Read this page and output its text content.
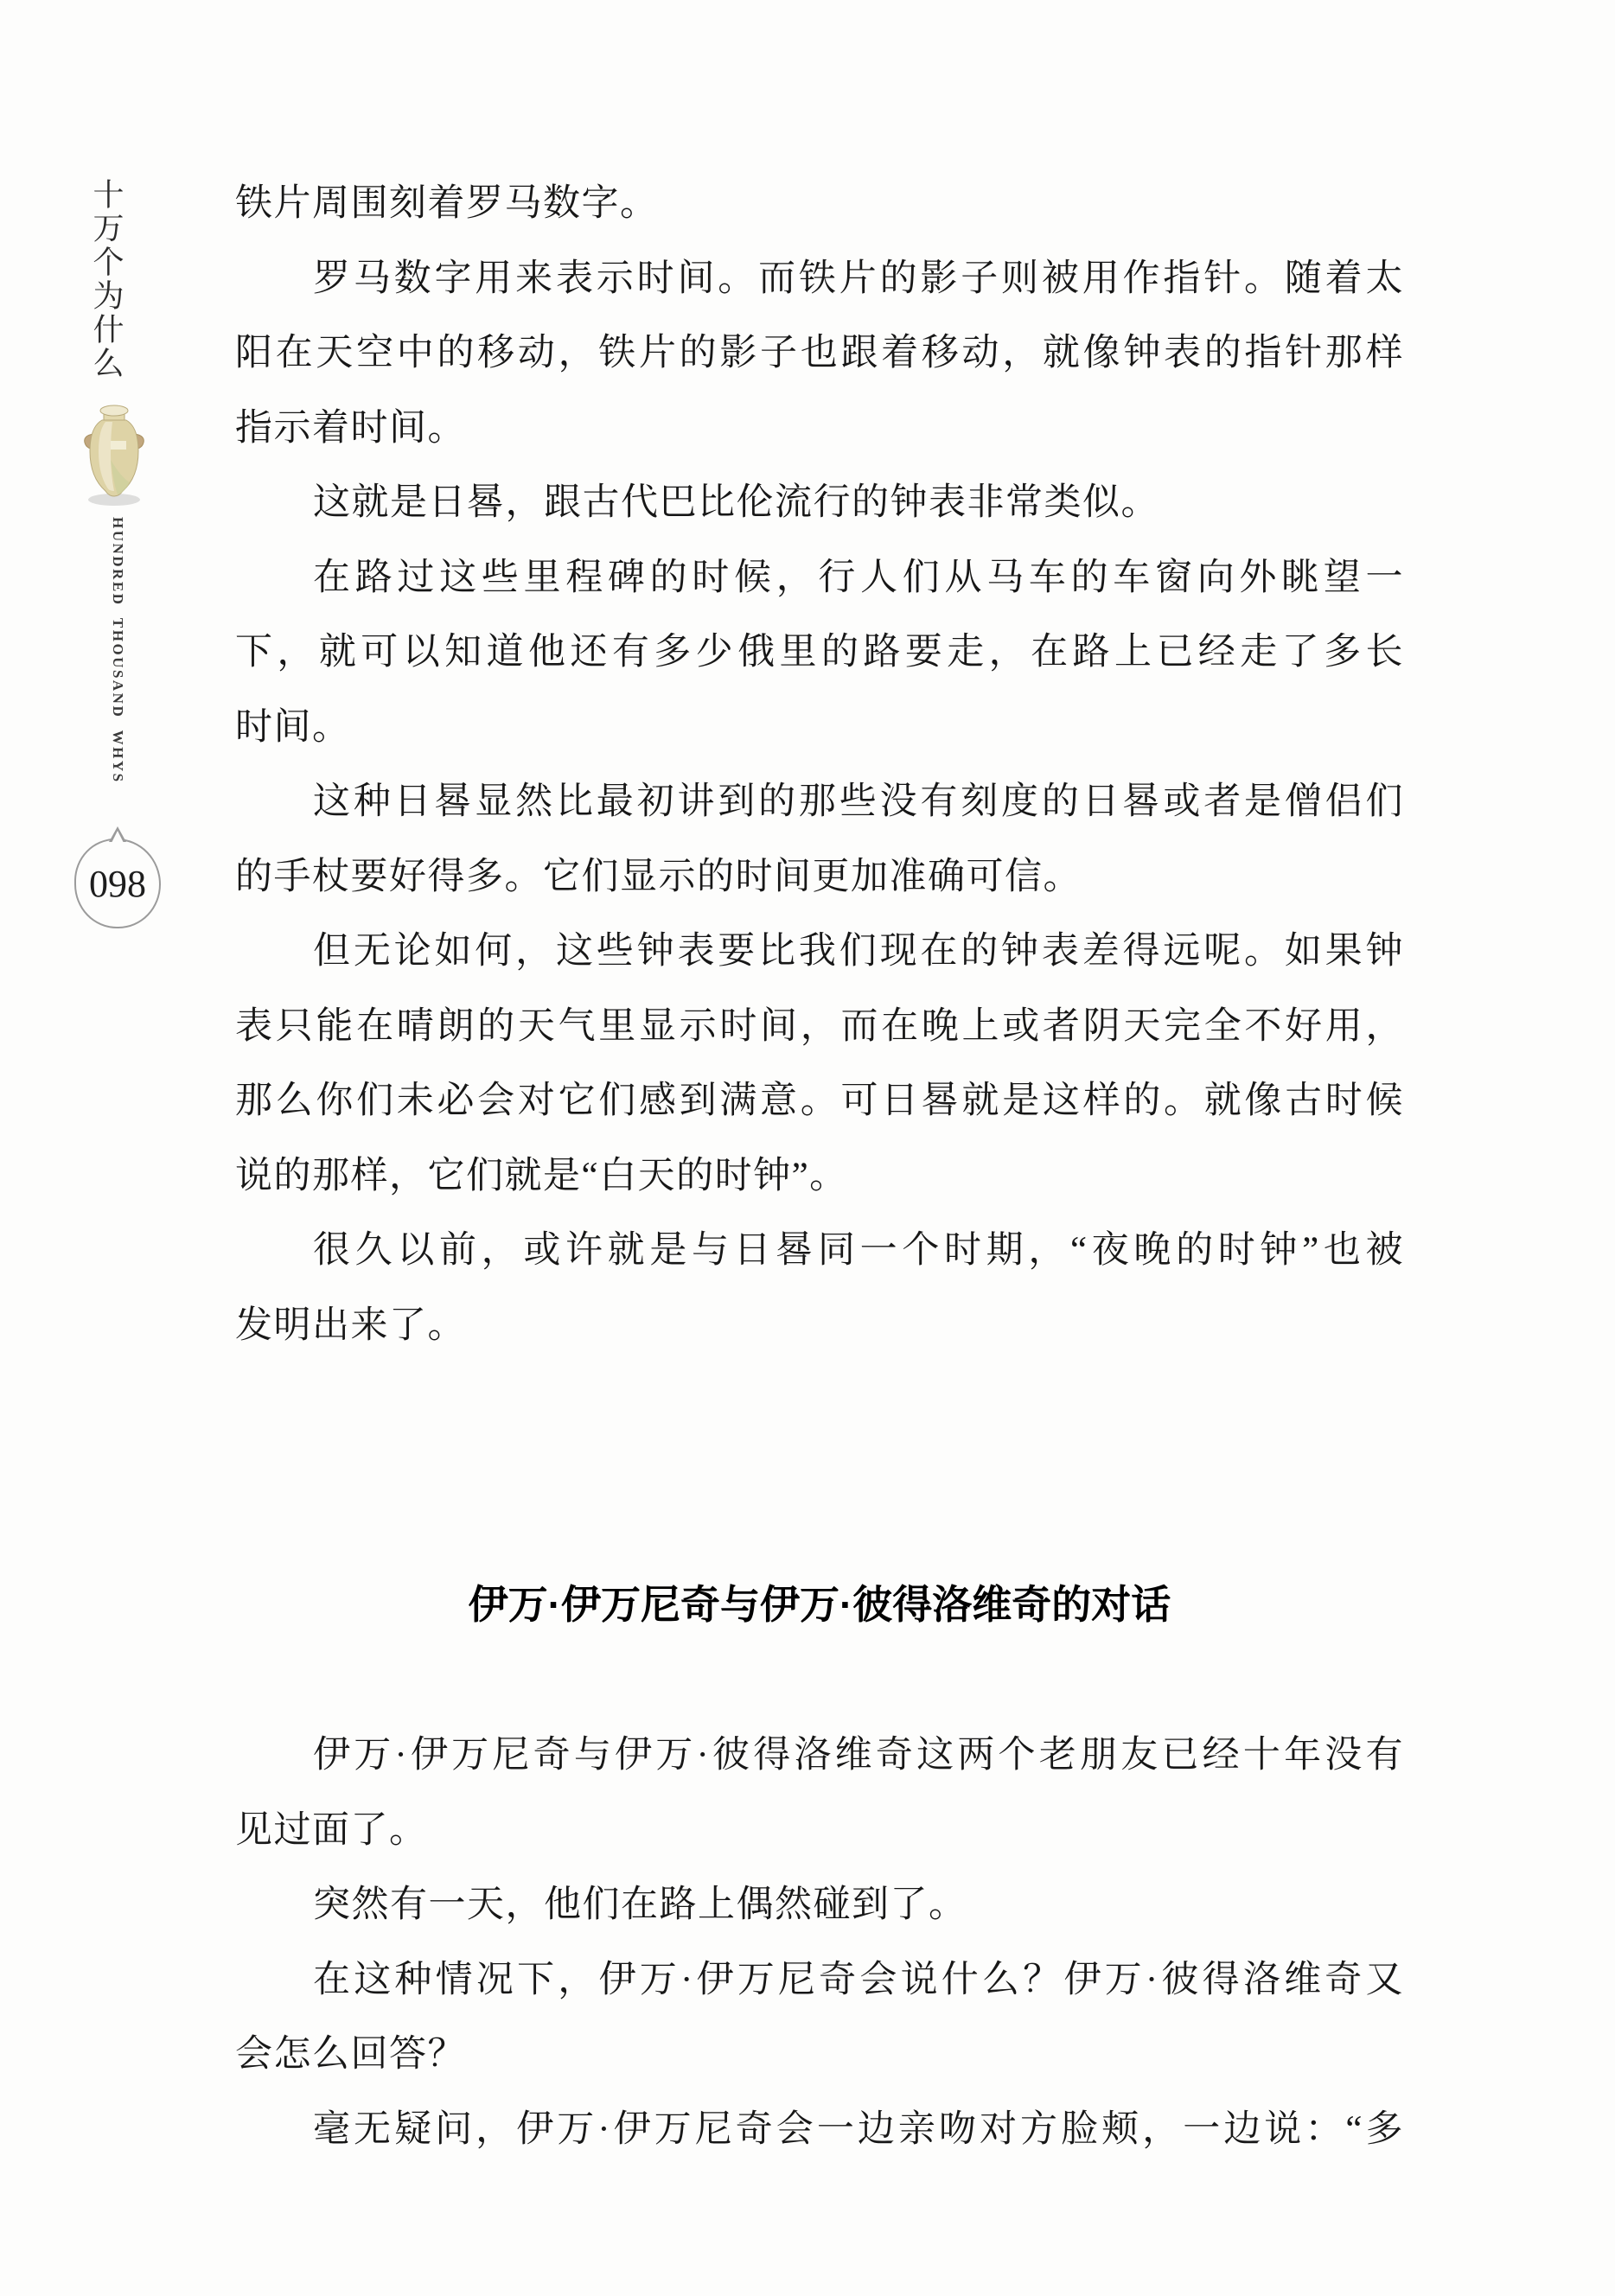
十万个为什么
HUNDRED THOUSAND WHYS
098
铁片周围刻着罗马数字。
罗马数字用来表示时间。而铁片的影子则被用作指针。随着太
阳在天空中的移动，铁片的影子也跟着移动，就像钟表的指针那样
指示着时间。
这就是日晷，跟古代巴比伦流行的钟表非常类似。
在路过这些里程碑的时候，行人们从马车的车窗向外眺望一
下，就可以知道他还有多少俄里的路要走，在路上已经走了多长
时间。
这种日晷显然比最初讲到的那些没有刻度的日晷或者是僧侣们
的手杖要好得多。它们显示的时间更加准确可信。
但无论如何，这些钟表要比我们现在的钟表差得远呢。如果钟
表只能在晴朗的天气里显示时间，而在晚上或者阴天完全不好用，
那么你们未必会对它们感到满意。可日晷就是这样的。就像古时候
说的那样，它们就是“白天的时钟”。
很久以前，或许就是与日晷同一个时期，“夜晚的时钟”也被
发明出来了。
伊万·伊万尼奇与伊万·彼得洛维奇的对话
伊万·伊万尼奇与伊万·彼得洛维奇这两个老朋友已经十年没有
见过面了。
突然有一天，他们在路上偶然碰到了。
在这种情况下，伊万·伊万尼奇会说什么？伊万·彼得洛维奇又
会怎么回答？
毫无疑问，伊万·伊万尼奇会一边亲吻对方脸颊，一边说：“多
